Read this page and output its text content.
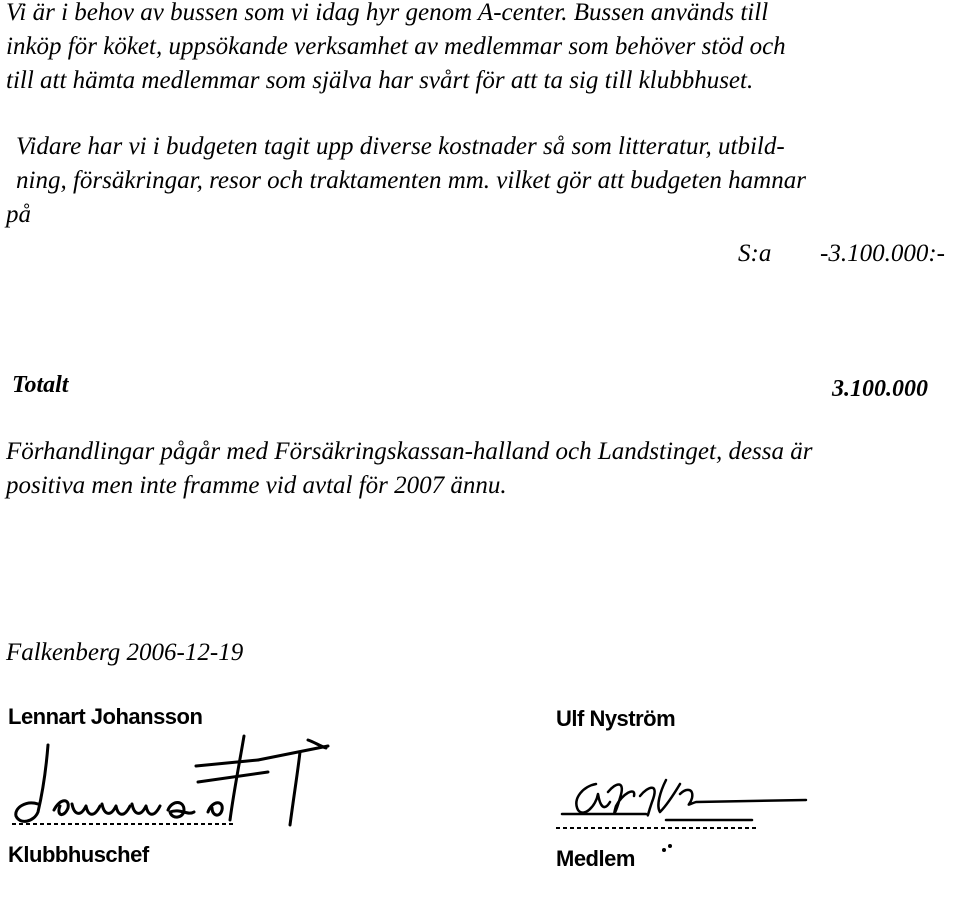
Vi är i behov av bussen som vi idag hyr genom A-center. Bussen används till
inköp för köket, uppsökande verksamhet av medlemmar som behöver stöd och
till att hämta medlemmar som själva har svårt för att ta sig till klubbhuset.
Vidare har vi i budgeten tagit upp diverse kostnader så som litteratur, utbild-
ning, försäkringar, resor och traktamenten mm. vilket gör att budgeten hamnar
på
S:a -3.100.000:-
Totalt	3.100.000
Förhandlingar pågår med Försäkringskassan-halland och Landstinget, dessa är
positiva men inte framme vid avtal för 2007 ännu.
Falkenberg 2006-12-19
Lennart Johansson
Klubbhuschef
Ulf Nyström
Medlem
